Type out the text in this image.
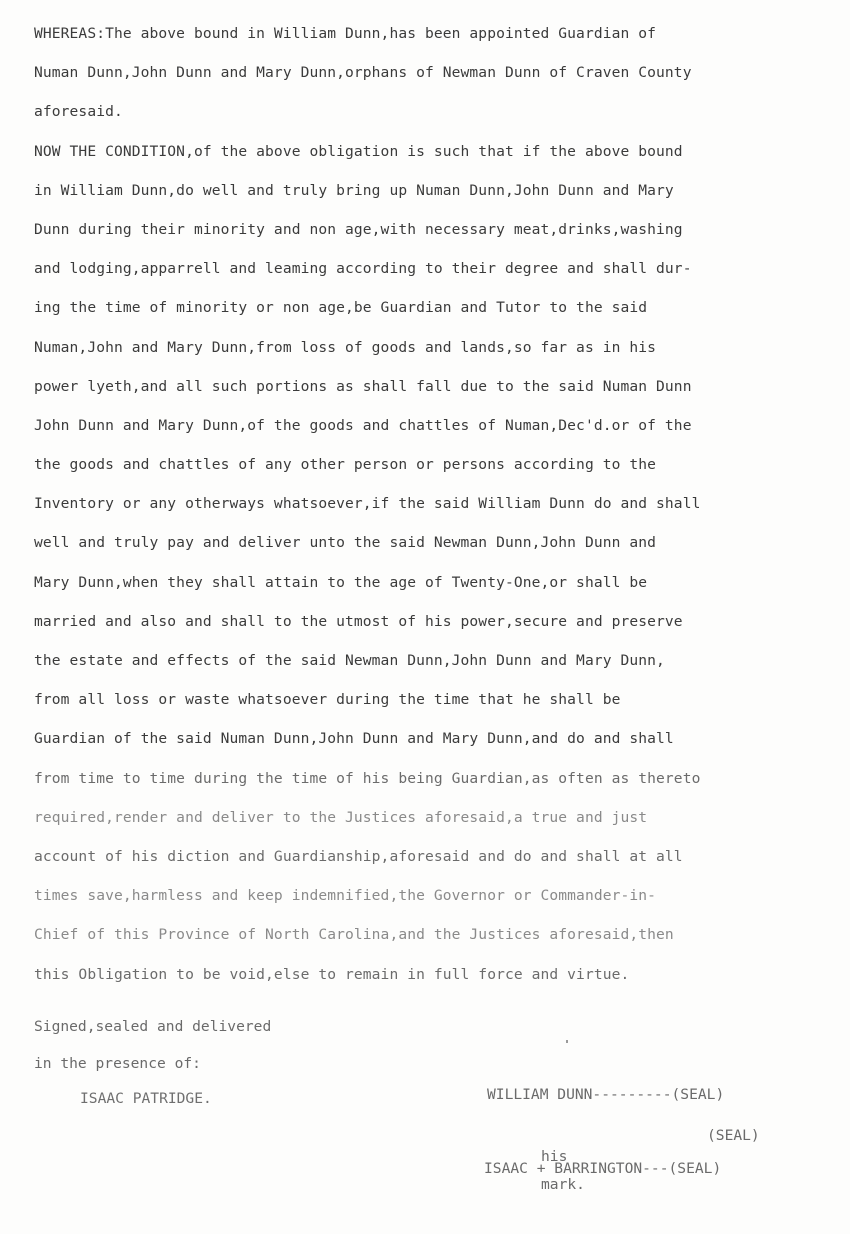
WHEREAS:The above bound in William Dunn,has been appointed Guardian of
Numan Dunn,John Dunn and Mary Dunn,orphans of Newman Dunn of Craven County
aforesaid.
NOW THE CONDITION,of the above obligation is such that if the above bound
in William Dunn,do well and truly bring up Numan Dunn,John Dunn and Mary
Dunn during their minority and non age,with necessary meat,drinks,washing
and lodging,apparrell and leaming according to their degree and shall dur-
ing the time of minority or non age,be Guardian and Tutor to the said
Numan,John and Mary Dunn,from loss of goods and lands,so far as in his
power lyeth,and all such portions as shall fall due to the said Numan Dunn
John Dunn and Mary Dunn,of the goods and chattles of Numan,Dec'd.or of the
the goods and chattles of any other person or persons according to the
Inventory or any otherways whatsoever,if the said William Dunn do and shall
well and truly pay and deliver unto the said Newman Dunn,John Dunn and
Mary Dunn,when they shall attain to the age of Twenty-One,or shall be
married and also and shall to the utmost of his power,secure and preserve
the estate and effects of the said Newman Dunn,John Dunn and Mary Dunn,
from all loss or waste whatsoever during the time that he shall be
Guardian of the said Numan Dunn,John Dunn and Mary Dunn,and do and shall
from time to time during the time of his being Guardian,as often as thereto
required,render and deliver to the Justices aforesaid,a true and just
account of his diction and Guardianship,aforesaid and do and shall at all
times save,harmless and keep indemnified,the Governor or Commander-in-
Chief of this Province of North Carolina,and the Justices aforesaid,then
this Obligation to be void,else to remain in full force and virtue.
Signed,sealed and delivered
in the presence of:
ISAAC PATRIDGE.	WILLIAM DUNN---------(SEAL)
(SEAL)
his
ISAAC + BARRINGTON---(SEAL)
mark.
